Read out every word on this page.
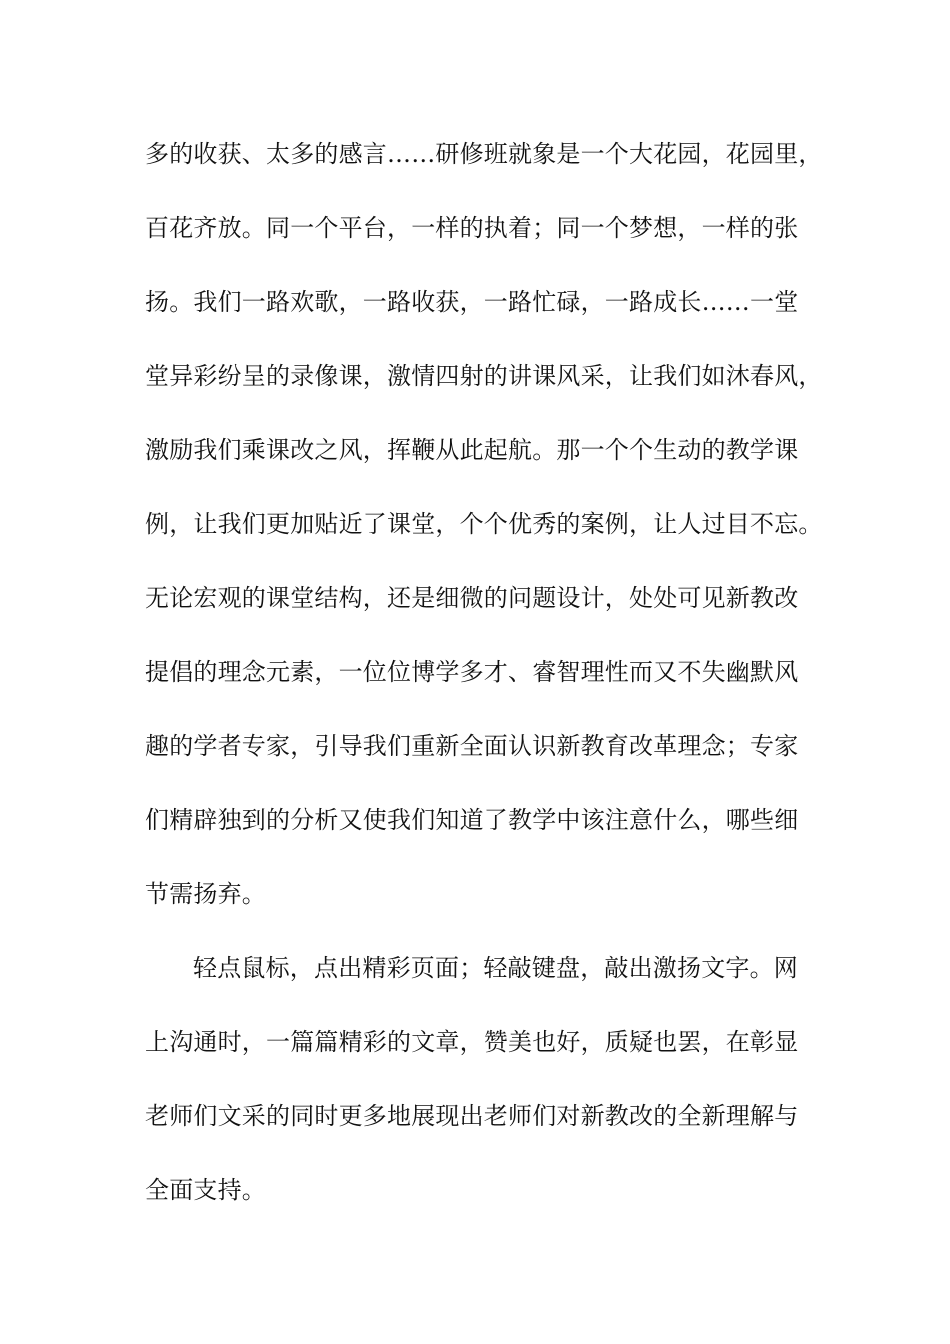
多的收获、太多的感言……研修班就象是一个大花园，花园里，
百花齐放。同一个平台，一样的执着；同一个梦想，一样的张
扬。我们一路欢歌，一路收获，一路忙碌，一路成长……一堂
堂异彩纷呈的录像课，激情四射的讲课风采，让我们如沐春风，
激励我们乘课改之风，挥鞭从此起航。那一个个生动的教学课
例，让我们更加贴近了课堂，个个优秀的案例，让人过目不忘。
无论宏观的课堂结构，还是细微的问题设计，处处可见新教改
提倡的理念元素，一位位博学多才、睿智理性而又不失幽默风
趣的学者专家，引导我们重新全面认识新教育改革理念；专家
们精辟独到的分析又使我们知道了教学中该注意什么，哪些细
节需扬弃。
轻点鼠标，点出精彩页面；轻敲键盘，敲出激扬文字。网
上沟通时，一篇篇精彩的文章，赞美也好，质疑也罢，在彰显
老师们文采的同时更多地展现出老师们对新教改的全新理解与
全面支持。
